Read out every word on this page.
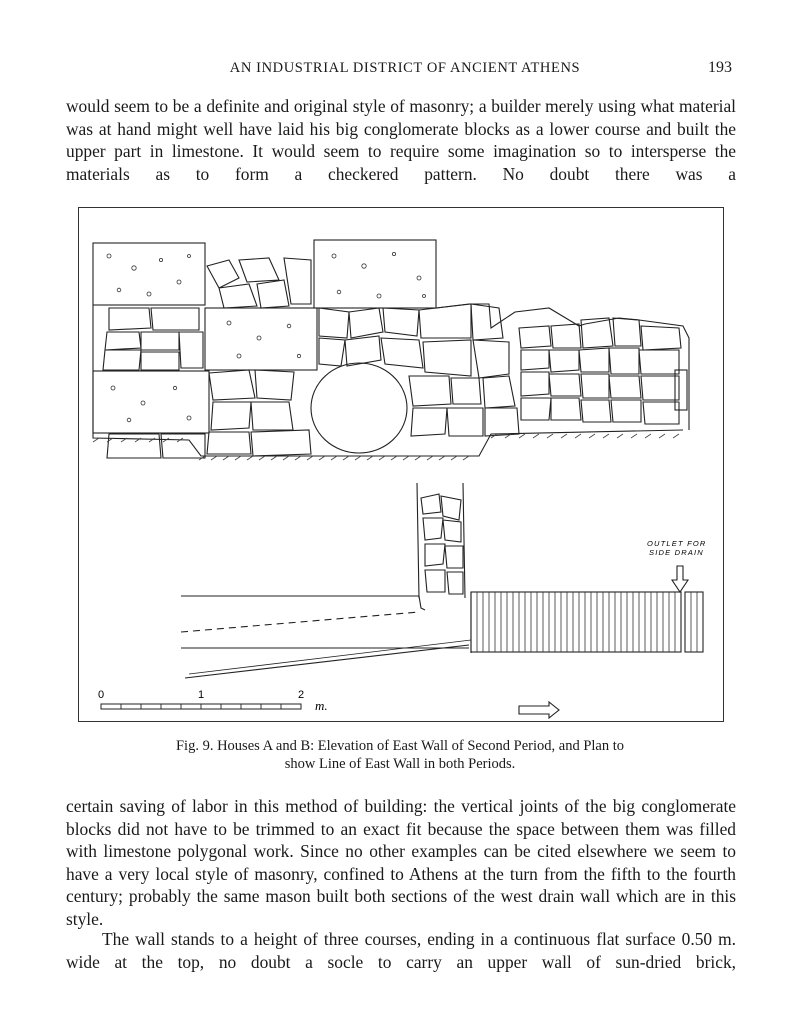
AN INDUSTRIAL DISTRICT OF ANCIENT ATHENS	193

would seem to be a definite and original style of masonry; a builder merely using what material was at hand might well have laid his big conglomerate blocks as a lower course and built the upper part in limestone. It would seem to require some imagination so to intersperse the materials as to form a checkered pattern. No doubt there was a

0	1	2
m.
OUTLET FOR
SIDE DRAIN
Fig. 9. Houses A and B: Elevation of East Wall of Second Period, and Plan to
show Line of East Wall in both Periods.

certain saving of labor in this method of building: the vertical joints of the big conglomerate blocks did not have to be trimmed to an exact fit because the space between them was filled with limestone polygonal work. Since no other examples can be cited elsewhere we seem to have a very local style of masonry, confined to Athens at the turn from the fifth to the fourth century; probably the same mason built both sections of the west drain wall which are in this style.

The wall stands to a height of three courses, ending in a continuous flat surface 0.50 m. wide at the top, no doubt a socle to carry an upper wall of sun-dried brick,
